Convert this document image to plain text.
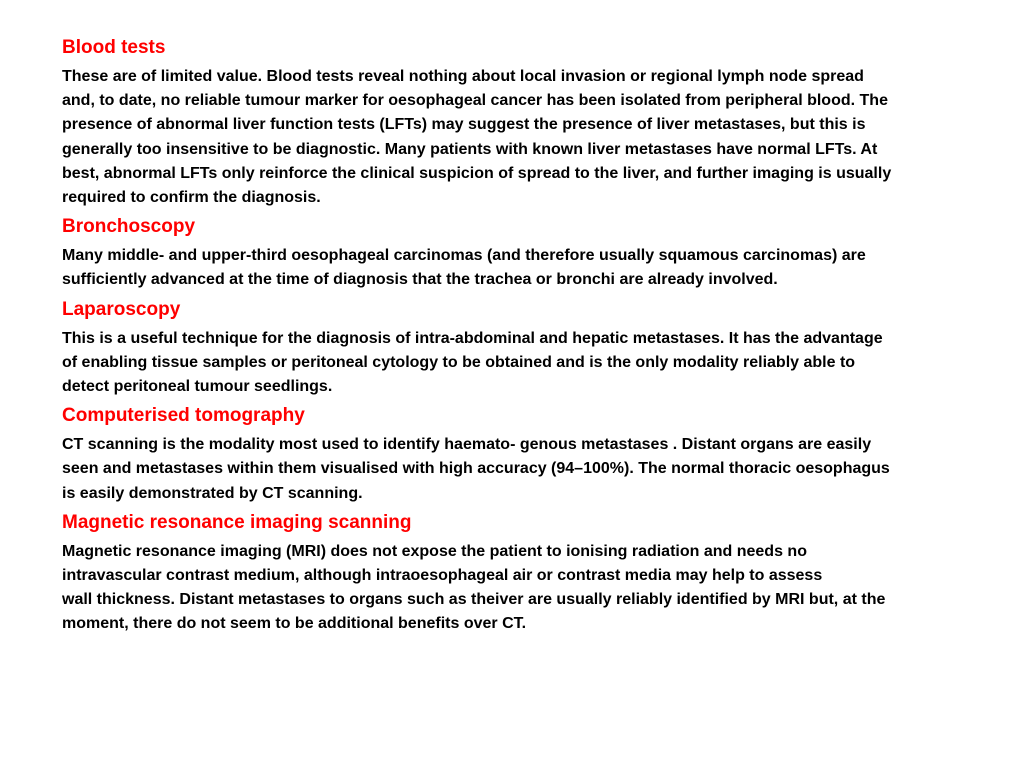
Blood tests

These are of limited value. Blood tests reveal nothing about local invasion or regional lymph node spread
and, to date, no reliable tumour marker for oesophageal cancer has been isolated from peripheral blood. The
presence of abnormal liver function tests (LFTs) may suggest the presence of liver metastases, but this is
generally too insensitive to be diagnostic. Many patients with known liver metastases have normal LFTs. At
best, abnormal LFTs only reinforce the clinical suspicion of spread to the liver, and further imaging is usually
required to confirm the diagnosis.

Bronchoscopy

Many middle- and upper-third oesophageal carcinomas (and therefore usually squamous carcinomas) are
sufficiently advanced at the time of diagnosis that the trachea or bronchi are already involved.

Laparoscopy

This is a useful technique for the diagnosis of intra-abdominal and hepatic metastases. It has the advantage
of enabling tissue samples or peritoneal cytology to be obtained and is the only modality reliably able to
detect peritoneal tumour seedlings.

Computerised tomography

CT scanning is the modality most used to identify haemato- genous metastases . Distant organs are easily
seen and metastases within them visualised with high accuracy (94–100%). The normal thoracic oesophagus
is easily demonstrated by CT scanning.

Magnetic resonance imaging scanning

Magnetic resonance imaging (MRI) does not expose the patient to ionising radiation and needs no
intravascular contrast medium, although intraoesophageal air or contrast media may help to assess
wall thickness. Distant metastases to organs such as theiver are usually reliably identified by MRI but, at the
moment, there do not seem to be additional benefits over CT.
